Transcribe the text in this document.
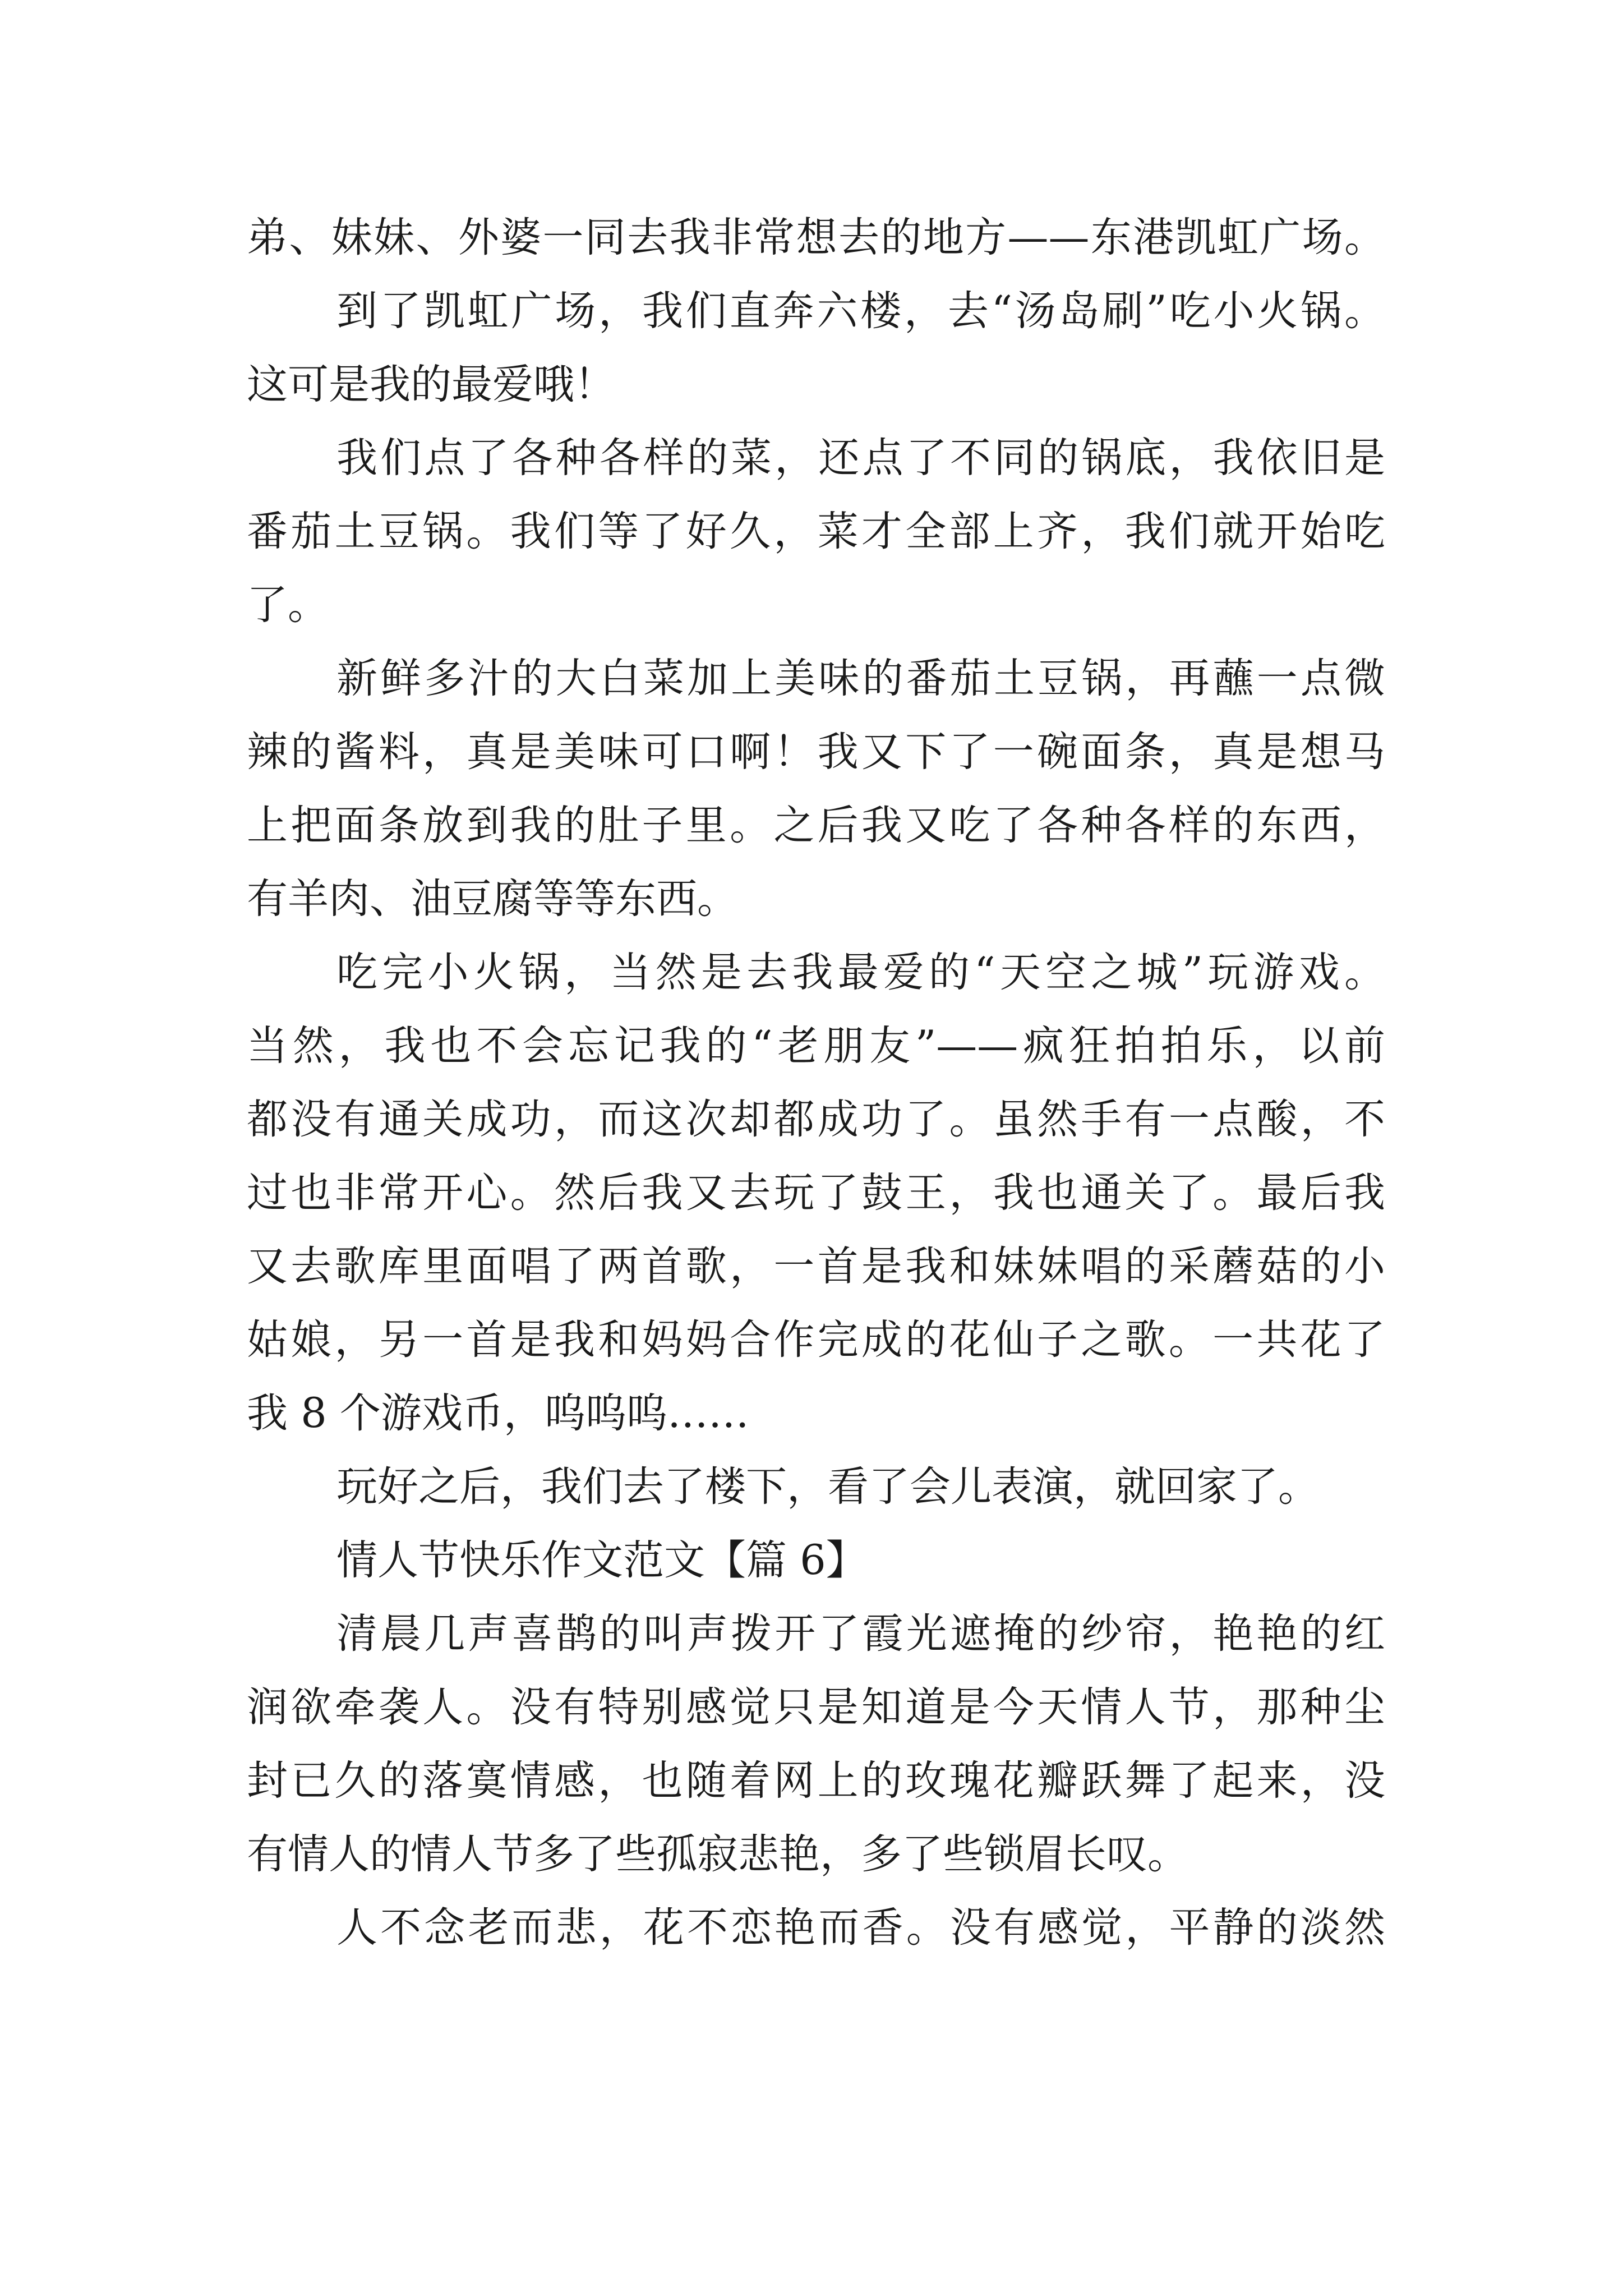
弟、妹妹、外婆一同去我非常想去的地方——东港凯虹广场。
到了凯虹广场，我们直奔六楼，去“汤岛刷”吃小火锅。
这可是我的最爱哦！
我们点了各种各样的菜，还点了不同的锅底，我依旧是
番茄土豆锅。我们等了好久，菜才全部上齐，我们就开始吃
了。
新鲜多汁的大白菜加上美味的番茄土豆锅，再蘸一点微
辣的酱料，真是美味可口啊！我又下了一碗面条，真是想马
上把面条放到我的肚子里。之后我又吃了各种各样的东西，
有羊肉、油豆腐等等东西。
吃完小火锅，当然是去我最爱的“天空之城”玩游戏。
当然，我也不会忘记我的“老朋友”——疯狂拍拍乐，以前
都没有通关成功，而这次却都成功了。虽然手有一点酸，不
过也非常开心。然后我又去玩了鼓王，我也通关了。最后我
又去歌库里面唱了两首歌，一首是我和妹妹唱的采蘑菇的小
姑娘，另一首是我和妈妈合作完成的花仙子之歌。一共花了
我 8 个游戏币，呜呜呜……
玩好之后，我们去了楼下，看了会儿表演，就回家了。
情人节快乐作文范文【篇 6】
清晨几声喜鹊的叫声拨开了霞光遮掩的纱帘，艳艳的红
润欲牵袭人。没有特别感觉只是知道是今天情人节，那种尘
封已久的落寞情感，也随着网上的玫瑰花瓣跃舞了起来，没
有情人的情人节多了些孤寂悲艳，多了些锁眉长叹。
人不念老而悲，花不恋艳而香。没有感觉，平静的淡然
